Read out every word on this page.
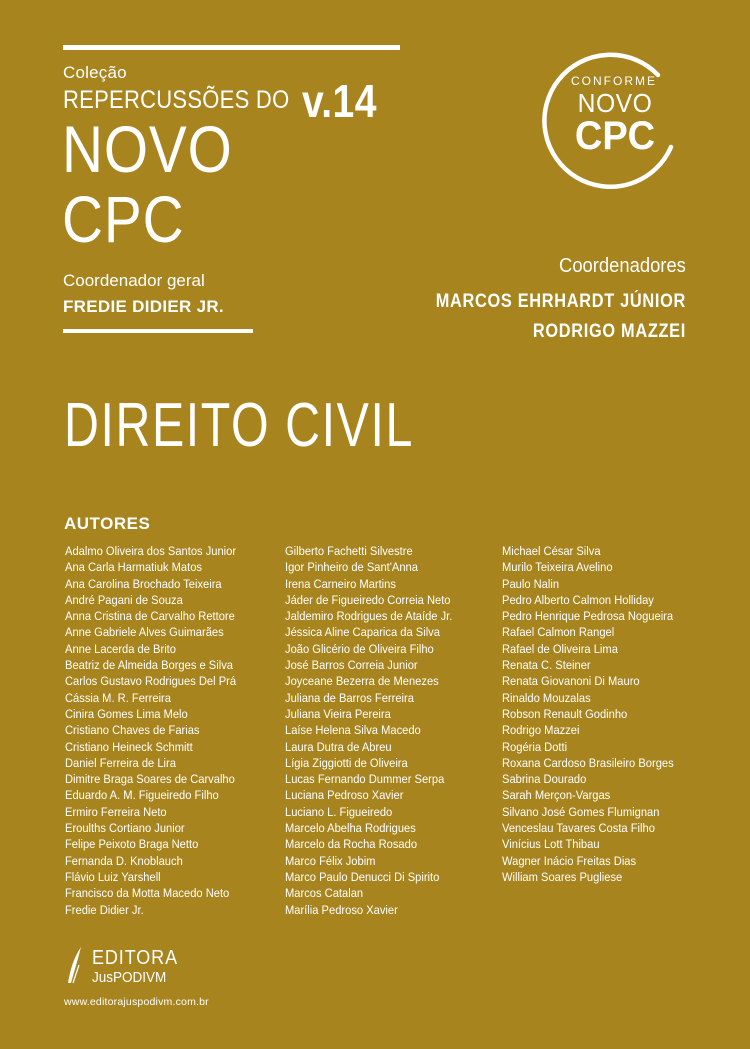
Coleção
REPERCUSSÕES DO
NOVO
CPC
v.14
Coordenador geral
FREDIE DIDIER JR.
CONFORME
NOVO
CPC
Coordenadores
MARCOS EHRHARDT JÚNIOR
RODRIGO MAZZEI
DIREITO CIVIL
AUTORES
Adalmo Oliveira dos Santos Junior
Ana Carla Harmatiuk Matos
Ana Carolina Brochado Teixeira
André Pagani de Souza
Anna Cristina de Carvalho Rettore
Anne Gabriele Alves Guimarães
Anne Lacerda de Brito
Beatriz de Almeida Borges e Silva
Carlos Gustavo Rodrigues Del Prá
Cássia M. R. Ferreira
Cinira Gomes Lima Melo
Cristiano Chaves de Farias
Cristiano Heineck Schmitt
Daniel Ferreira de Lira
Dimitre Braga Soares de Carvalho
Eduardo A. M. Figueiredo Filho
Ermiro Ferreira Neto
Eroulths Cortiano Junior
Felipe Peixoto Braga Netto
Fernanda D. Knoblauch
Flávio Luiz Yarshell
Francisco da Motta Macedo Neto
Fredie Didier Jr.
Gilberto Fachetti Silvestre
Igor Pinheiro de Sant'Anna
Irena Carneiro Martins
Jáder de Figueiredo Correia Neto
Jaldemiro Rodrigues de Ataíde Jr.
Jéssica Aline Caparica da Silva
João Glicério de Oliveira Filho
José Barros Correia Junior
Joyceane Bezerra de Menezes
Juliana de Barros Ferreira
Juliana Vieira Pereira
Laíse Helena Silva Macedo
Laura Dutra de Abreu
Lígia Ziggiotti de Oliveira
Lucas Fernando Dummer Serpa
Luciana Pedroso Xavier
Luciano L. Figueiredo
Marcelo Abelha Rodrigues
Marcelo da Rocha Rosado
Marco Félix Jobim
Marco Paulo Denucci Di Spirito
Marcos Catalan
Marília Pedroso Xavier
Michael César Silva
Murilo Teixeira Avelino
Paulo Nalin
Pedro Alberto Calmon Holliday
Pedro Henrique Pedrosa Nogueira
Rafael Calmon Rangel
Rafael de Oliveira Lima
Renata C. Steiner
Renata Giovanoni Di Mauro
Rinaldo Mouzalas
Robson Renault Godinho
Rodrigo Mazzei
Rogéria Dotti
Roxana Cardoso Brasileiro Borges
Sabrina Dourado
Sarah Merçon-Vargas
Silvano José Gomes Flumignan
Venceslau Tavares Costa Filho
Vinícius Lott Thibau
Wagner Inácio Freitas Dias
William Soares Pugliese
EDITORA
JusPODIVM
www.editorajuspodivm.com.br
